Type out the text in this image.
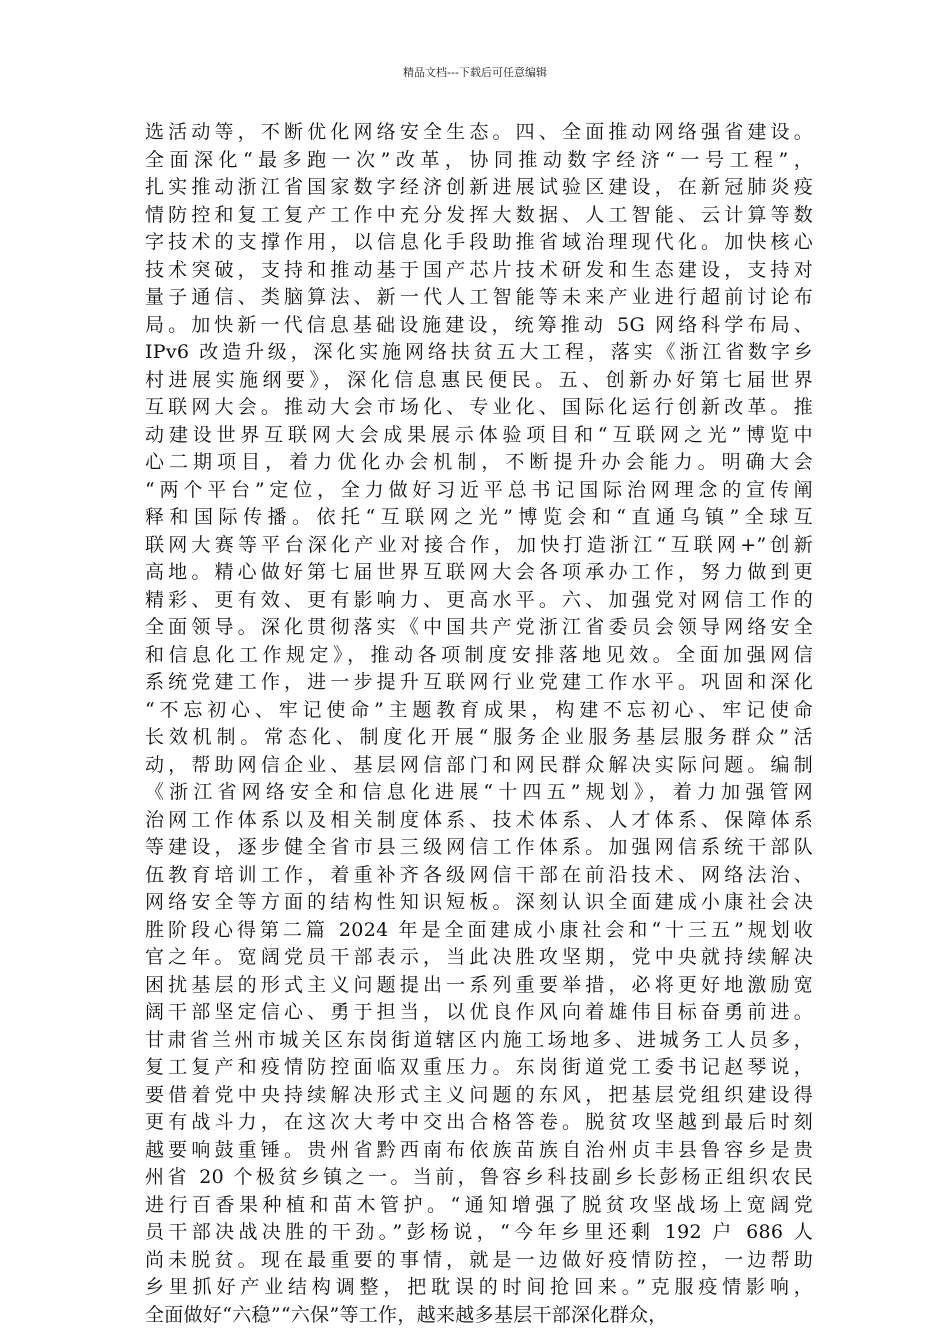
精品文档---下载后可任意编辑
选活动等，不断优化网络安全生态。四、全面推动网络强省建设。
全面深化“最多跑一次”改革，协同推动数字经济“一号工程”，
扎实推动浙江省国家数字经济创新进展试验区建设，在新冠肺炎疫
情防控和复工复产工作中充分发挥大数据、人工智能、云计算等数
字技术的支撑作用，以信息化手段助推省域治理现代化。加快核心
技术突破，支持和推动基于国产芯片技术研发和生态建设，支持对
量子通信、类脑算法、新一代人工智能等未来产业进行超前讨论布
局。加快新一代信息基础设施建设，统筹推动 5G 网络科学布局、
IPv6 改造升级，深化实施网络扶贫五大工程，落实《浙江省数字乡
村进展实施纲要》，深化信息惠民便民。五、创新办好第七届世界
互联网大会。推动大会市场化、专业化、国际化运行创新改革。推
动建设世界互联网大会成果展示体验项目和“互联网之光”博览中
心二期项目，着力优化办会机制，不断提升办会能力。明确大会
“两个平台”定位，全力做好习近平总书记国际治网理念的宣传阐
释和国际传播。依托“互联网之光”博览会和“直通乌镇”全球互
联网大赛等平台深化产业对接合作，加快打造浙江“互联网+”创新
高地。精心做好第七届世界互联网大会各项承办工作，努力做到更
精彩、更有效、更有影响力、更高水平。六、加强党对网信工作的
全面领导。深化贯彻落实《中国共产党浙江省委员会领导网络安全
和信息化工作规定》，推动各项制度安排落地见效。全面加强网信
系统党建工作，进一步提升互联网行业党建工作水平。巩固和深化
“不忘初心、牢记使命”主题教育成果，构建不忘初心、牢记使命
长效机制。常态化、制度化开展“服务企业服务基层服务群众”活
动，帮助网信企业、基层网信部门和网民群众解决实际问题。编制
《浙江省网络安全和信息化进展“十四五”规划》，着力加强管网
治网工作体系以及相关制度体系、技术体系、人才体系、保障体系
等建设，逐步健全省市县三级网信工作体系。加强网信系统干部队
伍教育培训工作，着重补齐各级网信干部在前沿技术、网络法治、
网络安全等方面的结构性知识短板。深刻认识全面建成小康社会决
胜阶段心得第二篇 2024 年是全面建成小康社会和“十三五”规划收
官之年。宽阔党员干部表示，当此决胜攻坚期，党中央就持续解决
困扰基层的形式主义问题提出一系列重要举措，必将更好地激励宽
阔干部坚定信心、勇于担当，以优良作风向着雄伟目标奋勇前进。
甘肃省兰州市城关区东岗街道辖区内施工场地多、进城务工人员多，
复工复产和疫情防控面临双重压力。东岗街道党工委书记赵琴说，
要借着党中央持续解决形式主义问题的东风，把基层党组织建设得
更有战斗力，在这次大考中交出合格答卷。脱贫攻坚越到最后时刻
越要响鼓重锤。贵州省黔西南布依族苗族自治州贞丰县鲁容乡是贵
州省 20 个极贫乡镇之一。当前，鲁容乡科技副乡长彭杨正组织农民
进行百香果种植和苗木管护。“通知增强了脱贫攻坚战场上宽阔党
员干部决战决胜的干劲。”彭杨说，“今年乡里还剩 192 户 686 人
尚未脱贫。现在最重要的事情，就是一边做好疫情防控，一边帮助
乡里抓好产业结构调整，把耽误的时间抢回来。”克服疫情影响，
全面做好“六稳”“六保”等工作，越来越多基层干部深化群众，
